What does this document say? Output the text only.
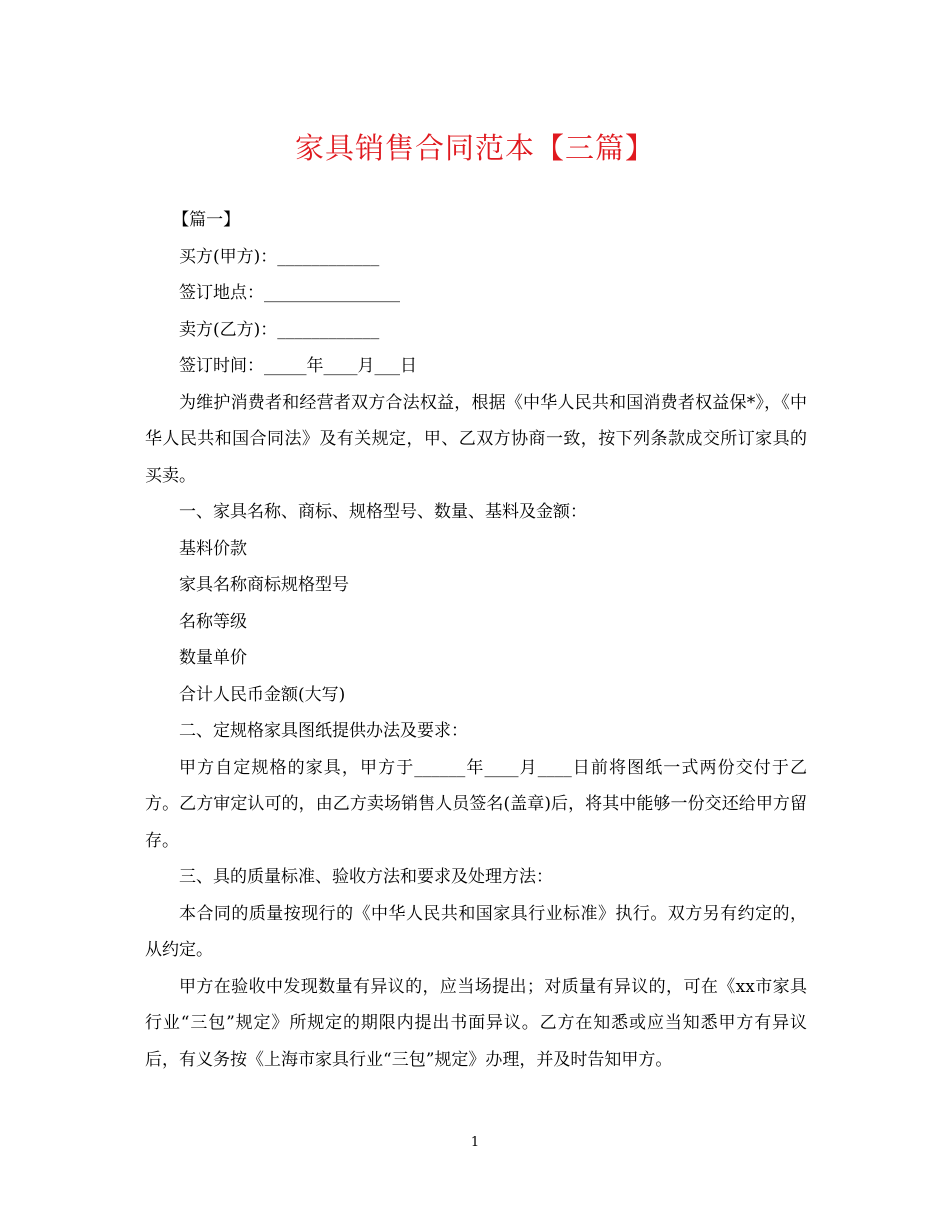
家具销售合同范本【三篇】

【篇一】

买方(甲方)：____________

签订地点：________________

卖方(乙方)：____________

签订时间：_____年____月___日

为维护消费者和经营者双方合法权益，根据《中华人民共和国消费者权益保*》，《中华人民共和国合同法》及有关规定，甲、乙双方协商一致，按下列条款成交所订家具的买卖。

一、家具名称、商标、规格型号、数量、基料及金额：

基料价款

家具名称商标规格型号

名称等级

数量单价

合计人民币金额(大写)

二、定规格家具图纸提供办法及要求：

甲方自定规格的家具，甲方于______年____月____日前将图纸一式两份交付于乙方。乙方审定认可的，由乙方卖场销售人员签名(盖章)后，将其中能够一份交还给甲方留存。

三、具的质量标准、验收方法和要求及处理方法：

本合同的质量按现行的《中华人民共和国家具行业标准》执行。双方另有约定的，从约定。

甲方在验收中发现数量有异议的，应当场提出；对质量有异议的，可在《xx市家具行业“三包”规定》所规定的期限内提出书面异议。乙方在知悉或应当知悉甲方有异议后，有义务按《上海市家具行业“三包”规定》办理，并及时告知甲方。

1
